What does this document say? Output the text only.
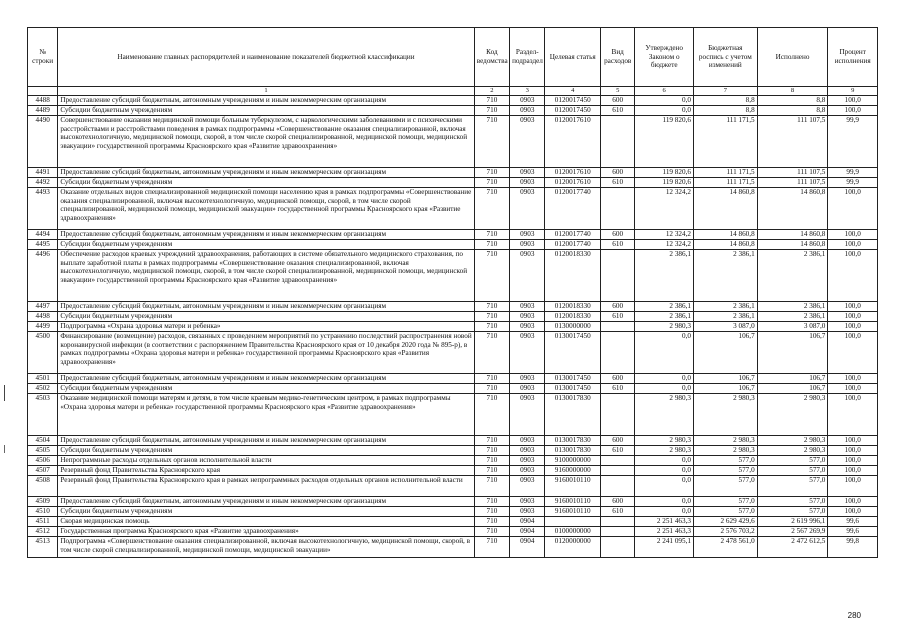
№ строки	Наименование главных распорядителей и наименование показателей бюджетной классификации	Код ведомства	Раздел-подраздел	Целевая статья	Вид расходов	Утверждено Законом о бюджете	Бюджетная роспись с учетом изменений	Исполнено	Процент исполнения
	1	2	3	4	5	6	7	8	9
4488	Предоставление субсидий бюджетным, автономным учреждениям и иным некоммерческим организациям	710	0903	0120017450	600	0,0	8,8	8,8	100,0
4489	Субсидии бюджетным учреждениям	710	0903	0120017450	610	0,0	8,8	8,8	100,0
4490	Совершенствование оказания медицинской помощи больным туберкулезом, с наркологическими заболеваниями и с психическими расстройствами и расстройствами поведения в рамках подпрограммы «Совершенствование оказания специализированной, включая высокотехнологичную, медицинской помощи, скорой, в том числе скорой специализированной, медицинской помощи, медицинской эвакуации» государственной программы Красноярского края «Развитие здравоохранения»	710	0903	0120017610		119 820,6	111 171,5	111 107,5	99,9
4491	Предоставление субсидий бюджетным, автономным учреждениям и иным некоммерческим организациям	710	0903	0120017610	600	119 820,6	111 171,5	111 107,5	99,9
4492	Субсидии бюджетным учреждениям	710	0903	0120017610	610	119 820,6	111 171,5	111 107,5	99,9
4493	Оказание отдельных видов специализированной медицинской помощи населению края в рамках подпрограммы «Совершенствование оказания специализированной, включая высокотехнологичную, медицинской помощи, скорой, в том числе скорой специализированной, медицинской помощи, медицинской эвакуации» государственной программы Красноярского края «Развитие здравоохранения»	710	0903	0120017740		12 324,2	14 860,8	14 860,8	100,0
4494	Предоставление субсидий бюджетным, автономным учреждениям и иным некоммерческим организациям	710	0903	0120017740	600	12 324,2	14 860,8	14 860,8	100,0
4495	Субсидии бюджетным учреждениям	710	0903	0120017740	610	12 324,2	14 860,8	14 860,8	100,0
4496	Обеспечение расходов краевых учреждений здравоохранения, работающих в системе обязательного медицинского страхования, по выплате заработной платы в рамках подпрограммы «Совершенствование оказания специализированной, включая высокотехнологичную, медицинской помощи, скорой, в том числе скорой специализированной, медицинской помощи, медицинской эвакуации» государственной программы Красноярского края «Развитие здравоохранения»	710	0903	0120018330		2 386,1	2 386,1	2 386,1	100,0
4497	Предоставление субсидий бюджетным, автономным учреждениям и иным некоммерческим организациям	710	0903	0120018330	600	2 386,1	2 386,1	2 386,1	100,0
4498	Субсидии бюджетным учреждениям	710	0903	0120018330	610	2 386,1	2 386,1	2 386,1	100,0
4499	Подпрограмма «Охрана здоровья матери и ребенка»	710	0903	0130000000		2 980,3	3 087,0	3 087,0	100,0
4500	Финансирование (возмещение) расходов, связанных с проведением мероприятий по устранению последствий распространения новой коронавирусной инфекции (в соответствии с распоряжением Правительства Красноярского края от 10 декабря 2020 года № 895-р), в рамках подпрограммы «Охрана здоровья матери и ребенка» государственной программы Красноярского края «Развития здравоохранения»	710	0903	0130017450		0,0	106,7	106,7	100,0
4501	Предоставление субсидий бюджетным, автономным учреждениям и иным некоммерческим организациям	710	0903	0130017450	600	0,0	106,7	106,7	100,0
4502	Субсидии бюджетным учреждениям	710	0903	0130017450	610	0,0	106,7	106,7	100,0
4503	Оказание медицинской помощи матерям и детям, в том числе краевым медико-генетическим центром, в рамках подпрограммы «Охрана здоровья матери и ребенка» государственной программы Красноярского края «Развитие здравоохранения»	710	0903	0130017830		2 980,3	2 980,3	2 980,3	100,0
4504	Предоставление субсидий бюджетным, автономным учреждениям и иным некоммерческим организациям	710	0903	0130017830	600	2 980,3	2 980,3	2 980,3	100,0
4505	Субсидии бюджетным учреждениям	710	0903	0130017830	610	2 980,3	2 980,3	2 980,3	100,0
4506	Непрограммные расходы отдельных органов исполнительной власти	710	0903	9100000000		0,0	577,0	577,0	100,0
4507	Резервный фонд Правительства Красноярского края	710	0903	9160000000		0,0	577,0	577,0	100,0
4508	Резервный фонд Правительства Красноярского края в рамках непрограммных расходов отдельных органов исполнительной власти	710	0903	9160010110		0,0	577,0	577,0	100,0
4509	Предоставление субсидий бюджетным, автономным учреждениям и иным некоммерческим организациям	710	0903	9160010110	600	0,0	577,0	577,0	100,0
4510	Субсидии бюджетным учреждениям	710	0903	9160010110	610	0,0	577,0	577,0	100,0
4511	Скорая медицинская помощь	710	0904			2 251 463,3	2 629 429,6	2 619 996,1	99,6
4512	Государственная программа Красноярского края «Развитие здравоохранения»	710	0904	0100000000		2 251 463,3	2 576 703,2	2 567 269,9	99,6
4513	Подпрограмма «Совершенствование оказания специализированной, включая высокотехнологичную, медицинской помощи, скорой, в том числе скорой специализированной, медицинской помощи, медицинской эвакуации»	710	0904	0120000000		2 241 095,1	2 478 561,0	2 472 612,5	99,8
280
